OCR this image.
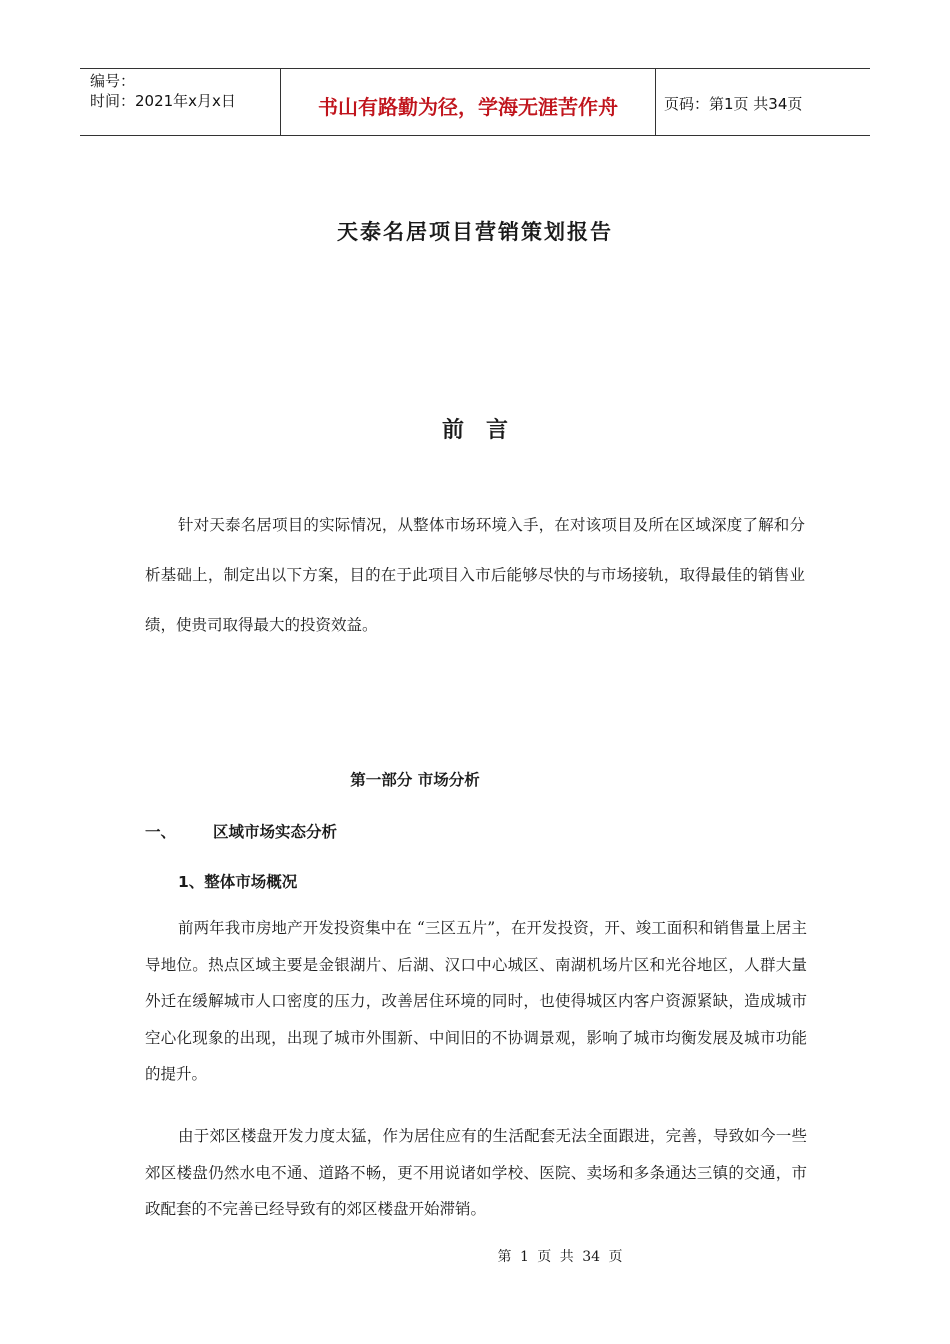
编号：
时间：2021年x月x日	书山有路勤为径，学海无涯苦作舟	页码：第1页 共34页
天泰名居项目营销策划报告
前言

针对天泰名居项目的实际情况，从整体市场环境入手，在对该项目及所在区域深度了解和分析基础上，制定出以下方案，目的在于此项目入市后能够尽快的与市场接轨，取得最佳的销售业绩，使贵司取得最大的投资效益。

第一部分 市场分析
一、	区域市场实态分析
1、整体市场概况

前两年我市房地产开发投资集中在 “三区五片”，在开发投资，开、竣工面积和销售量上居主导地位。热点区域主要是金银湖片、后湖、汉口中心城区、南湖机场片区和光谷地区，人群大量外迁在缓解城市人口密度的压力，改善居住环境的同时，也使得城区内客户资源紧缺，造成城市空心化现象的出现，出现了城市外围新、中间旧的不协调景观，影响了城市均衡发展及城市功能的提升。

由于郊区楼盘开发力度太猛，作为居住应有的生活配套无法全面跟进，完善，导致如今一些郊区楼盘仍然水电不通、道路不畅，更不用说诸如学校、医院、卖场和多条通达三镇的交通，市政配套的不完善已经导致有的郊区楼盘开始滞销。

第 1 页 共 34 页
